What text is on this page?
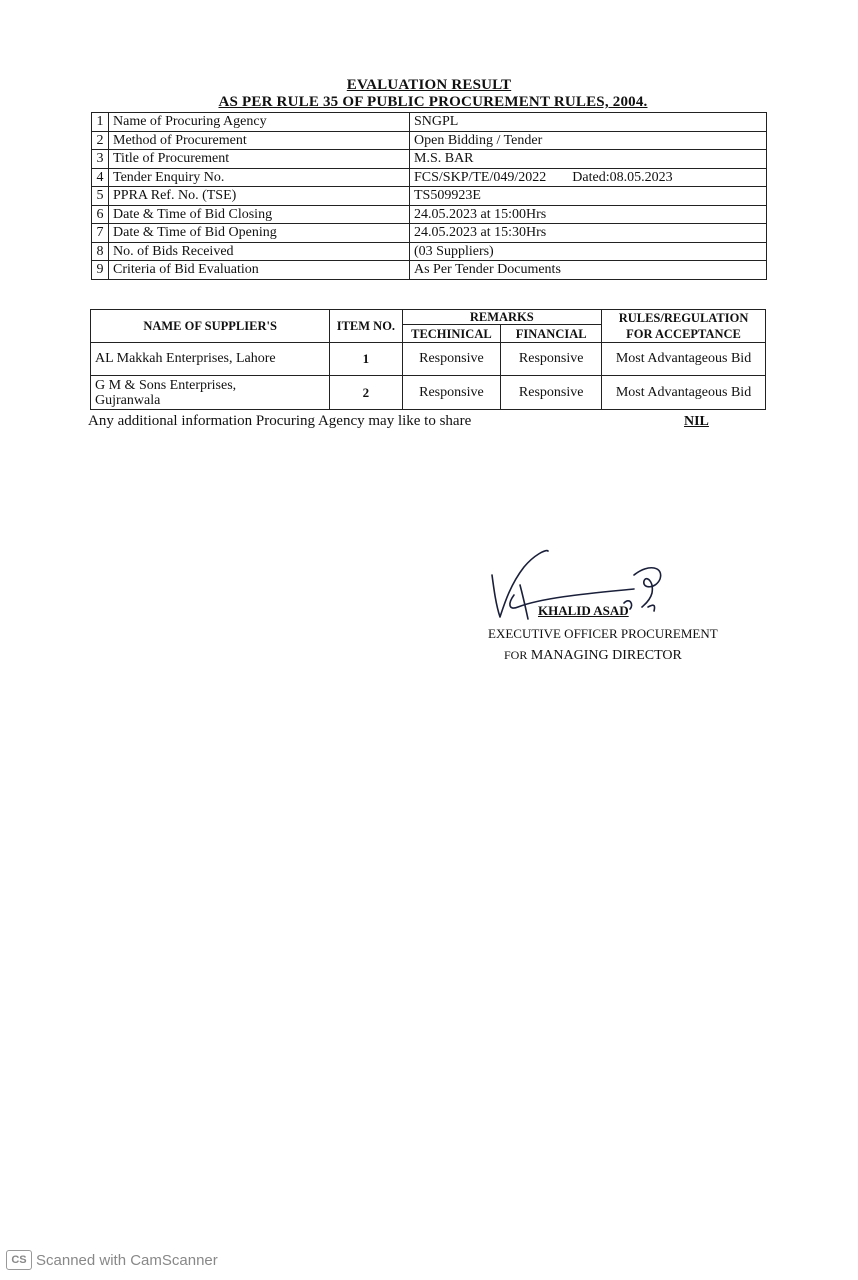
EVALUATION RESULT
AS PER RULE 35 OF PUBLIC PROCUREMENT RULES, 2004.
1	Name of Procuring Agency	SNGPL
2	Method of Procurement	Open Bidding / Tender
3	Title of Procurement	M.S. BAR
4	Tender Enquiry No.	FCS/SKP/TE/049/2022 Dated:08.05.2023
5	PPRA Ref. No. (TSE)	TS509923E
6	Date & Time of Bid Closing	24.05.2023 at 15:00Hrs
7	Date & Time of Bid Opening	24.05.2023 at 15:30Hrs
8	No. of Bids Received	(03 Suppliers)
9	Criteria of Bid Evaluation	As Per Tender Documents
NAME OF SUPPLIER'S	ITEM NO.	REMARKS		RULES/REGULATION
FOR ACCEPTANCE

		TECHINICAL	FINANCIAL	
AL Makkah Enterprises, Lahore	1	Responsive	Responsive	Most Advantageous Bid

G M & Sons Enterprises,
Gujranwala	2	Responsive	Responsive	Most Advantageous Bid
Any additional information Procuring Agency may like to share	NIL
KHALID ASAD
EXECUTIVE OFFICER PROCUREMENT
FOR MANAGING DIRECTOR
CS Scanned with CamScanner
